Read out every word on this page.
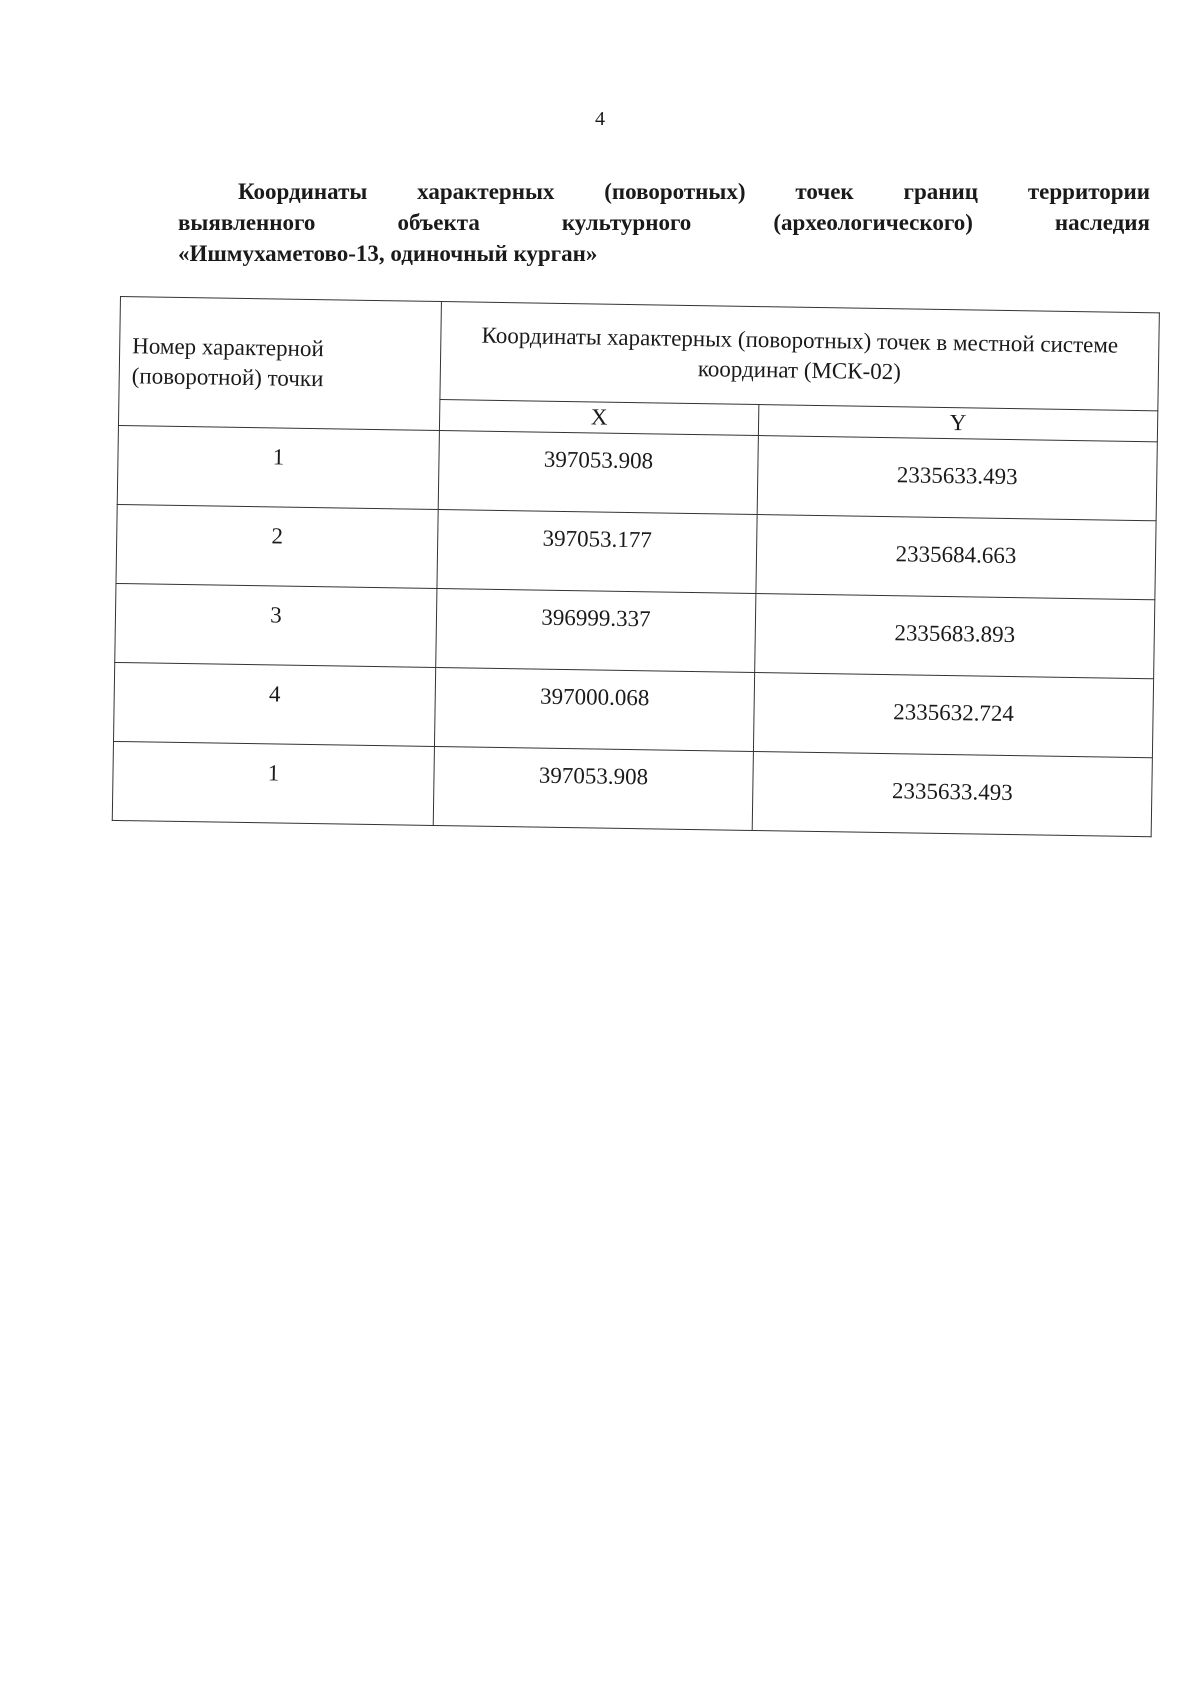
4
Координаты характерных (поворотных) точек границ территории
выявленного объекта культурного (археологического) наследия
«Ишмухаметово-13, одиночный курган»
Номер характерной (поворотной) точки	Координаты характерных (поворотных) точек в местной системе координат (МСК-02)	
	X	Y
1	397053.908	2335633.493
2	397053.177	2335684.663
3	396999.337	2335683.893
4	397000.068	2335632.724
1	397053.908	2335633.493
